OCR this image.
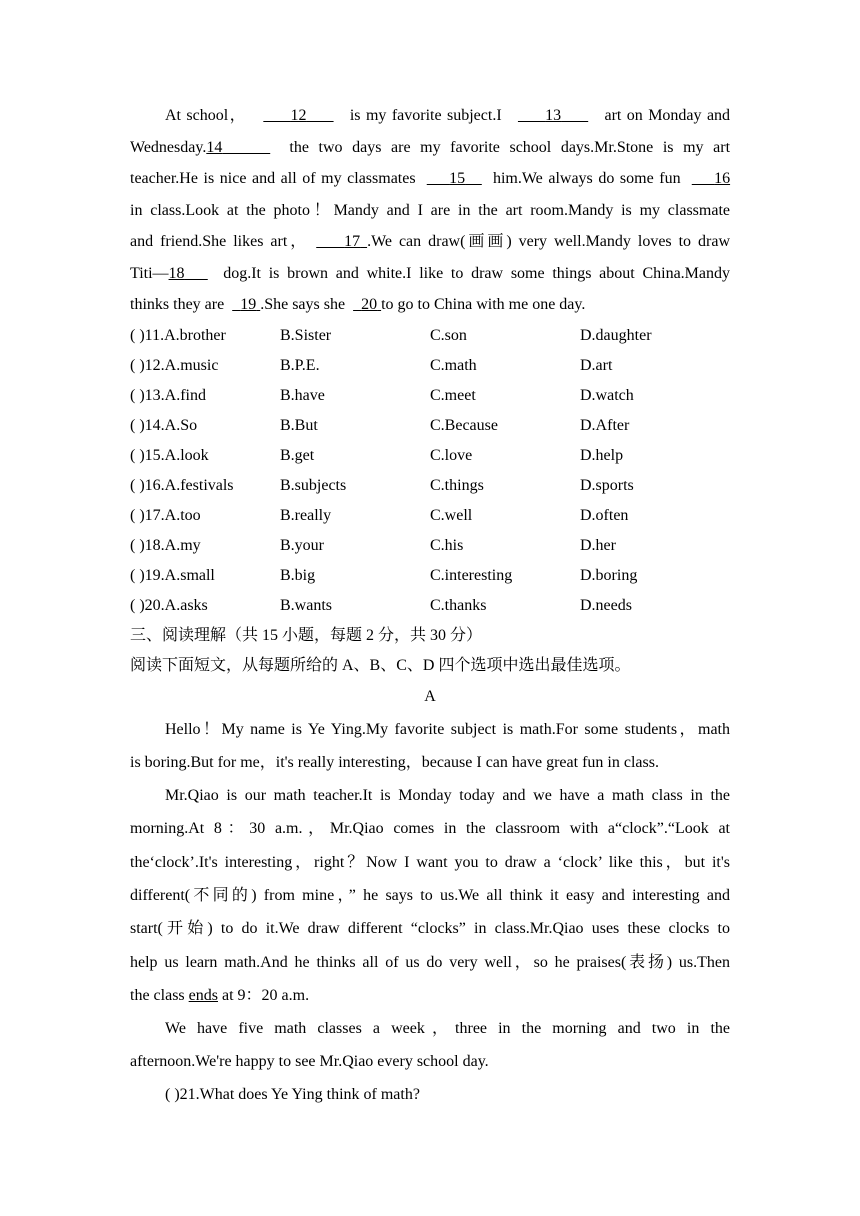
At school，	12	is my favorite subject.I	13	art on Monday and

Wednesday.14	the two days are my favorite school days.Mr.Stone is my art

teacher.He is nice and all of my classmates 15 him.We always do some fun 16

in class.Look at the photo！Mandy and I are in the art room.Mandy is my classmate

and friend.She likes art， 17 .We can draw(画画) very well.Mandy loves to draw

Titi—18 dog.It is brown and white.I like to draw some things about China.Mandy

thinks they are 19 .She says she 20 to go to China with me one day.

( )11.A.brother	B.Sister	C.son	D.daughter
( )12.A.music	B.P.E.	C.math	D.art
( )13.A.find	B.have	C.meet	D.watch
( )14.A.So	B.But	C.Because	D.After
( )15.A.look	B.get	C.love	D.help
( )16.A.festivals	B.subjects	C.things	D.sports
( )17.A.too	B.really	C.well	D.often
( )18.A.my	B.your	C.his	D.her
( )19.A.small	B.big	C.interesting	D.boring
( )20.A.asks	B.wants	C.thanks	D.needs

三、阅读理解（共 15 小题，每题 2 分，共 30 分）

阅读下面短文，从每题所给的 A、B、C、D 四个选项中选出最佳选项。

A

Hello！My name is Ye Ying.My favorite subject is math.For some students，math

is boring.But for me，it's really interesting，because I can have great fun in class.

Mr.Qiao is our math teacher.It is Monday today and we have a math class in the

morning.At 8：30 a.m.，Mr.Qiao comes in the classroom with a“clock”.“Look at

the‘clock’.It's interesting，right？Now I want you to draw a ‘clock’ like this，but it's

different(不同的) from mine，” he says to us.We all think it easy and interesting and

start(开始) to do it.We draw different “clocks” in class.Mr.Qiao uses these clocks to

help us learn math.And he thinks all of us do very well，so he praises(表扬) us.Then

the class ends at 9：20 a.m.

We have five math classes a week，three in the morning and two in the

afternoon.We're happy to see Mr.Qiao every school day.

( )21.What does Ye Ying think of math?
